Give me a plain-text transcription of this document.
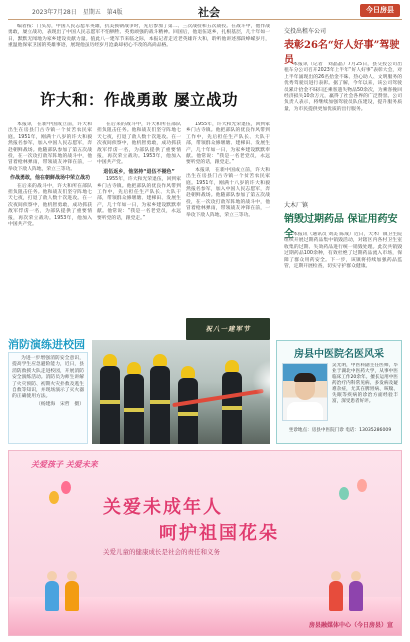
2023年7月28日　星期五　第4版	社会	今日房县

编者按：门头房，中国人民志愿军英雄，抗美援朝战争时，先后参加了第二、三次战役和五次战役。在战斗中，他作战勇敢，屡立战功，表现出了中国人民志愿军不怕牺牲、英勇顽强的战斗精神。回国后，他退伍返乡，扎根基层，几十年如一日，默默无闻地为家乡建设贡献力量。值此八一建军节来临之际，本报记者走近老英雄许大和，聆听他讲述那段峥嵘岁月，重温他保家卫国的英雄事迹，展现他虽历经岁月沧桑却初心不改的高尚品格。

许大和：作战勇敢 屡立战功

本报讯　在新中国成立前，许大和出生在房县门古寺镇一个贫苦农民家庭。1951年，刚满十八岁的许大和毅然报名参军，加入中国人民志愿军，奔赴朝鲜战场。他随部队参加了第五次战役，在一次攻打敌军阵地的战斗中，他冒着枪林弹雨，带领战友冲锋在前，一举攻下敌人阵地，荣立三等功。

作战勇敢，他在朝鲜战场中荣立战功

在后来的战斗中，许大和所在部队担负阻击任务。他和战友们坚守阵地七天七夜，打退了敌人数十次进攻。在一次夜间侦察中，他机智勇敢，成功抓获敌军俘虏一名，为部队提供了重要情报，再次荣立战功。1953年，他加入中国共产党。

在后来的战斗中，许大和所在部队担负阻击任务。他和战友们坚守阵地七天七夜，打退了敌人数十次进攻。在一次夜间侦察中，他机智勇敢，成功抓获敌军俘虏一名，为部队提供了重要情报，再次荣立战功。1953年，他加入中国共产党。

退伍返乡，他坚持“退伍不褪色”

1955年，许大和光荣退伍，回到家乡门古寺镇。他把部队的优良作风带到工作中，先后担任生产队长、大队干部，带领群众修堰塘、建梯田、发展生产，几十年如一日，为家乡建设默默奉献。他常说：“我是一名老党员，永远要听党的话，跟党走。”

1955年，许大和光荣退伍，回到家乡门古寺镇。他把部队的优良作风带到工作中，先后担任生产队长、大队干部，带领群众修堰塘、建梯田、发展生产，几十年如一日，为家乡建设默默奉献。他常说：“我是一名老党员，永远要听党的话，跟党走。”

本报讯　在新中国成立前，许大和出生在房县门古寺镇一个贫苦农民家庭。1951年，刚满十八岁的许大和毅然报名参军，加入中国人民志愿军，奔赴朝鲜战场。他随部队参加了第五次战役，在一次攻打敌军阵地的战斗中，他冒着枪林弹雨，带领战友冲锋在前，一举攻下敌人阵地，荣立三等功。

祝八一建军节
消防演练进校园

为进一步增强消防安全意识，提高学生应急避险能力，近日，县消防救援大队走进校园，开展消防安全演练活动。消防员为师生讲解了火灾预防、初期火灾扑救及逃生自救等知识，并现场演示了灭火器的正确使用方法。

（杨建海　宋哲　摄）

交投出租车公司
表彰26名“好人好事”驾驶员 本报讯（记者　刘晶晶）7月25日，县交投公司出租车分公司召开2023年上半年“好人好事”表彰大会，对上半年涌现出的26名拾金不昧、热心助人、文明服务的优秀驾驶员进行表彰。据了解，今年以来，该公司驾驶员累计拾金不昧归还乘客遗失物品50余次，为乘客挽回经济损失10余万元，赢得了社会各界的广泛赞誉。公司负责人表示，将继续加强驾驶员队伍建设，提升服务质量，为市民提供更加优质的出行服务。

大木厂镇
销毁过期药品 保证用药安全 本报讯（通讯员 刘美 陈成）近日，大木厂镇卫生院组织开展过期药品集中销毁活动，对辖区内各村卫生室收集的过期、失效药品进行统一销毁处理。此次共销毁过期药品100余种，有效杜绝了过期药品流入市场，保障了群众用药安全。下一步，该镇将持续加强药品监管，定期开展检查，切实守护群众健康。

房县中医院名医风采
吴光明，中医科副主任医师，毕业于湖北中医药大学，从事中医临床工作20余年。擅长运用中医药治疗内科常见病、多发病及疑难杂症，尤其在脾胃病、咳喘、失眠等疾病的诊治方面经验丰富，深受患者好评。
坐诊地点：房县中医院门诊 电话：13035286009
关爱孩子 关爱未来
关爱未成年人
呵护祖国花朵
关爱儿童的健康成长是社会的责任和义务
房县融媒体中心（今日房县）宣
